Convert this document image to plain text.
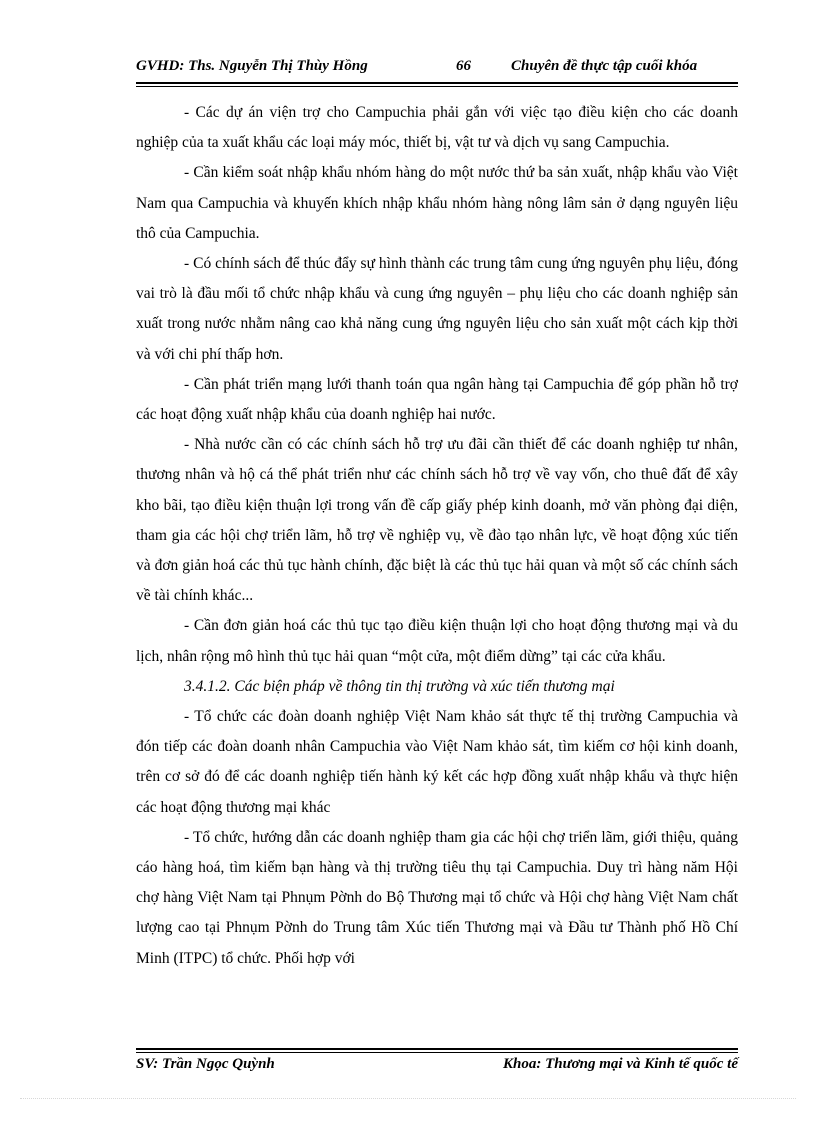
GVHD: Ths. Nguyễn Thị Thùy Hồng	66	Chuyên đề thực tập cuối khóa

- Các dự án viện trợ cho Campuchia phải gắn với việc tạo điều kiện cho các doanh nghiệp của ta xuất khẩu các loại máy móc, thiết bị, vật tư và dịch vụ sang Campuchia.

- Cần kiểm soát nhập khẩu nhóm hàng do một nước thứ ba sản xuất, nhập khẩu vào Việt Nam qua Campuchia và khuyến khích nhập khẩu nhóm hàng nông lâm sản ở dạng nguyên liệu thô của Campuchia.

- Có chính sách để thúc đẩy sự hình thành các trung tâm cung ứng nguyên phụ liệu, đóng vai trò là đầu mối tổ chức nhập khẩu và cung ứng nguyên – phụ liệu cho các doanh nghiệp sản xuất trong nước nhằm nâng cao khả năng cung ứng nguyên liệu cho sản xuất một cách kịp thời và với chi phí thấp hơn.

- Cần phát triển mạng lưới thanh toán qua ngân hàng tại Campuchia để góp phần hỗ trợ các hoạt động xuất nhập khẩu của doanh nghiệp hai nước.

- Nhà nước cần có các chính sách hỗ trợ ưu đãi cần thiết để các doanh nghiệp tư nhân, thương nhân và hộ cá thể phát triển như các chính sách hỗ trợ về vay vốn, cho thuê đất để xây kho bãi, tạo điều kiện thuận lợi trong vấn đề cấp giấy phép kinh doanh, mở văn phòng đại diện, tham gia các hội chợ triển lãm, hỗ trợ về nghiệp vụ, về đào tạo nhân lực, về hoạt động xúc tiến và đơn giản hoá các thủ tục hành chính, đặc biệt là các thủ tục hải quan và một số các chính sách về tài chính khác...

- Cần đơn giản hoá các thủ tục tạo điều kiện thuận lợi cho hoạt động thương mại và du lịch, nhân rộng mô hình thủ tục hải quan “một cửa, một điểm dừng” tại các cửa khẩu.

3.4.1.2. Các biện pháp về thông tin thị trường và xúc tiến thương mại

- Tổ chức các đoàn doanh nghiệp Việt Nam khảo sát thực tế thị trường Campuchia và đón tiếp các đoàn doanh nhân Campuchia vào Việt Nam khảo sát, tìm kiếm cơ hội kinh doanh, trên cơ sở đó để các doanh nghiệp tiến hành ký kết các hợp đồng xuất nhập khẩu và thực hiện các hoạt động thương mại khác

- Tổ chức, hướng dẫn các doanh nghiệp tham gia các hội chợ triển lãm, giới thiệu, quảng cáo hàng hoá, tìm kiếm bạn hàng và thị trường tiêu thụ tại Campuchia. Duy trì hàng năm Hội chợ hàng Việt Nam tại Phnụm Pờnh do Bộ Thương mại tổ chức và Hội chợ hàng Việt Nam chất lượng cao tại Phnụm Pờnh do Trung tâm Xúc tiến Thương mại và Đầu tư Thành phố Hồ Chí Minh (ITPC) tổ chức. Phối hợp với

SV: Trần Ngọc Quỳnh	Khoa: Thương mại và Kinh tế quốc tế
